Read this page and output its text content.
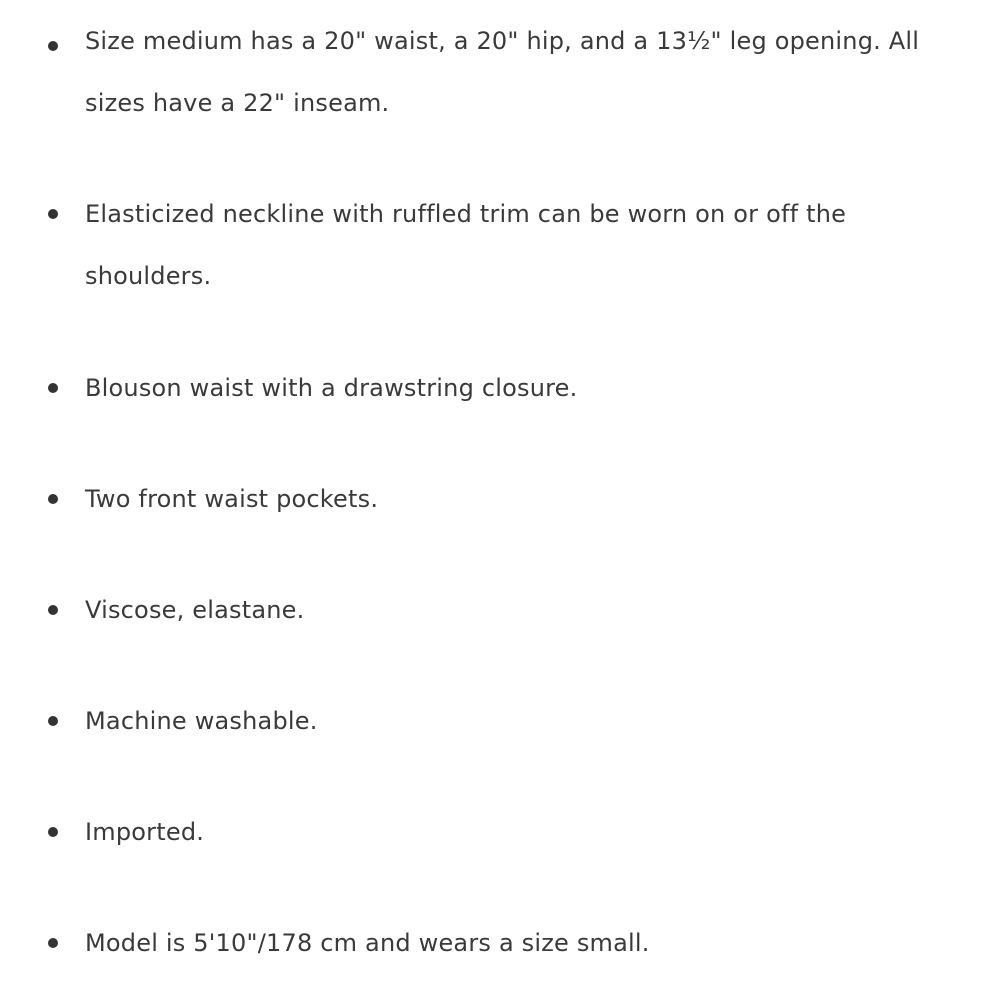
Size medium has a 20" waist, a 20" hip, and a 13½" leg opening. All sizes have a 22" inseam.
Elasticized neckline with ruffled trim can be worn on or off the shoulders.
Blouson waist with a drawstring closure.
Two front waist pockets.
Viscose, elastane.
Machine washable.
Imported.
Model is 5'10"/178 cm and wears a size small.
